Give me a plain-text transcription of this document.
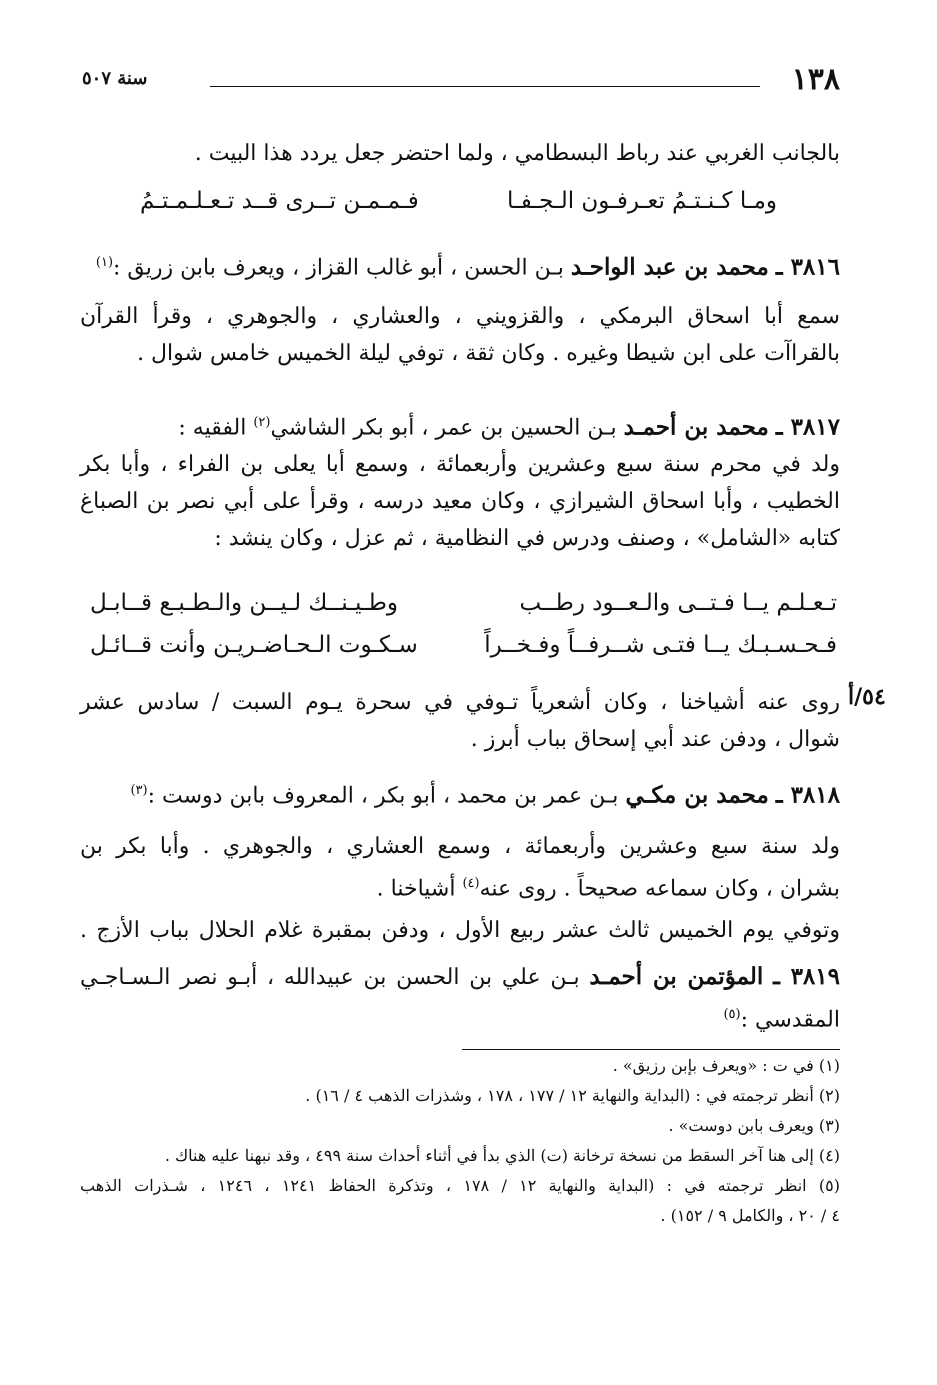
١٣٨
سنة ٥٠٧
بالجانب الغربي عند رباط البسطامي ، ولما احتضر جعل يردد هذا البيت .
ومـا كـنـتـمُ تعـرفـون الـجـفـا
فـمـمـن تــرى قــد تـعـلـمـتـمُ
٣٨١٦ ـ محمد بن عبد الواحـد بـن الحسن ، أبو غالب القزاز ، ويعرف بابن زريق :$^{(١)}$
سمع أبا اسحاق البرمكي ، والقزويني ، والعشاري ، والجوهري ، وقرأ القرآن
بالقراآت على ابن شيطا وغيره . وكان ثقة ، توفي ليلة الخميس خامس شوال .
٣٨١٧ ـ محمد بن أحمـد بـن الحسين بن عمر ، أبو بكر الشاشي$^{(٢)}$ الفقيه :
ولد في محرم سنة سبع وعشرين وأربعمائة ، وسمع أبا يعلى بن الفراء ، وأبا بكر
الخطيب ، وأبا اسحاق الشيرازي ، وكان معيد درسه ، وقرأ على أبي نصر بن الصباغ
كتابه «الشامل» ، وصنف ودرس في النظامية ، ثم عزل ، وكان ينشد :
تـعـلـم يــا فـتــى والـعــود رطــب
وطـيـنــك لـيــن والـطـبـع قــابـل
فـحـسـبـك يــا فتـى شــرفــاً وفـخــراً
سـكـوت الـحـاضـريـن وأنت قــائـل
٥٤/أ
روى عنه أشياخنا ، وكان أشعرياً تـوفي في سحرة يـوم السبت / سادس عشر
شوال ، ودفن عند أبي إسحاق بباب أبرز .
٣٨١٨ ـ محمد بن مكـي بـن عمر بن محمد ، أبو بكر ، المعروف بابن دوست :$^{(٣)}$
ولد سنة سبع وعشرين وأربعمائة ، وسمع العشاري ، والجوهري . وأبا بكر بن
بشران ، وكان سماعه صحيحاً . روى عنه$^{(٤)}$ أشياخنا .
وتوفي يوم الخميس ثالث عشر ربيع الأول ، ودفن بمقبرة غلام الحلال بباب الأزج .
٣٨١٩ ـ المؤتمن بن أحمـد بـن علي بن الحسن بن عبيدالله ، أبـو نصر الـسـاجـي
المقدسي :$^{(٥)}$
(١) في ت : «ويعرف بإبن رزيق» .
(٢) أنظر ترجمته في : (البداية والنهاية ١٢ / ١٧٧ ، ١٧٨ ، وشذرات الذهب ٤ / ١٦) .
(٣) ويعرف بابن دوست» .
(٤) إلى هنا آخر السقط من نسخة ترخانة (ت) الذي بدأ في أثناء أحداث سنة ٤٩٩ ، وقد نبهنا عليه هناك .
(٥) انظر ترجمته في : (البداية والنهاية ١٢ / ١٧٨ ، وتذكرة الحفاظ ١٢٤١ ، ١٢٤٦ ، شـذرات الذهب
٤ / ٢٠ ، والكامل ٩ / ١٥٢) .
